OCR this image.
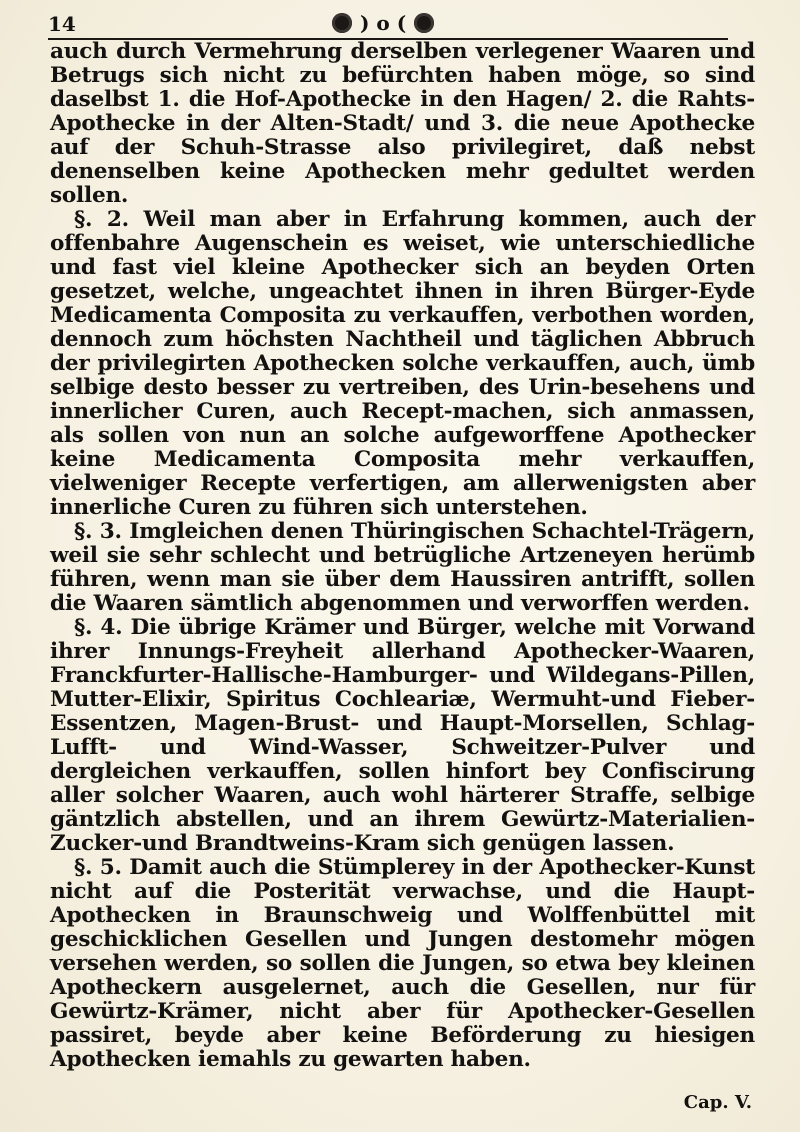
14	) o (

auch durch Vermehrung derselben verlegener Waaren und Betrugs sich nicht zu befürchten haben möge, so sind daselbst 1. die Hof-Apothecke in den Hagen/ 2. die Rahts-Apothecke in der Alten-Stadt/ und 3. die neue Apothecke auf der Schuh-Strasse also privilegiret, daß nebst denenselben keine Apothecken mehr gedultet werden sollen.

§. 2. Weil man aber in Erfahrung kommen, auch der offenbahre Augenschein es weiset, wie unterschiedliche und fast viel kleine Apothecker sich an beyden Orten gesetzet, welche, ungeachtet ihnen in ihren Bürger-Eyde Medicamenta Composita zu verkauffen, verbothen worden, dennoch zum höchsten Nachtheil und täglichen Abbruch der privilegirten Apothecken solche verkauffen, auch, ümb selbige desto besser zu vertreiben, des Urin-besehens und innerlicher Curen, auch Recept-machen, sich anmassen, als sollen von nun an solche aufgeworffene Apothecker keine Medicamenta Composita mehr verkauffen, vielweniger Recepte verfertigen, am allerwenigsten aber innerliche Curen zu führen sich unterstehen.

§. 3. Imgleichen denen Thüringischen Schachtel-Trägern, weil sie sehr schlecht und betrügliche Artzeneyen herümb führen, wenn man sie über dem Haussiren antrifft, sollen die Waaren sämtlich abgenommen und verworffen werden.

§. 4. Die übrige Krämer und Bürger, welche mit Vorwand ihrer Innungs-Freyheit allerhand Apothecker-Waaren, Franckfurter-Hallische-Hamburger- und Wildegans-Pillen, Mutter-Elixir, Spiritus Cochleariæ, Wermuht-und Fieber-Essentzen, Magen-Brust- und Haupt-Morsellen, Schlag-Lufft- und Wind-Wasser, Schweitzer-Pulver und dergleichen verkauffen, sollen hinfort bey Confiscirung aller solcher Waaren, auch wohl härterer Straffe, selbige gäntzlich abstellen, und an ihrem Gewürtz-Materialien-Zucker-und Brandtweins-Kram sich genügen lassen.

§. 5. Damit auch die Stümplerey in der Apothecker-Kunst nicht auf die Posterität verwachse, und die Haupt-Apothecken in Braunschweig und Wolffenbüttel mit geschicklichen Gesellen und Jungen destomehr mögen versehen werden, so sollen die Jungen, so etwa bey kleinen Apotheckern ausgelernet, auch die Gesellen, nur für Gewürtz-Krämer, nicht aber für Apothecker-Gesellen passiret, beyde aber keine Beförderung zu hiesigen Apothecken iemahls zu gewarten haben.

Cap. V.
